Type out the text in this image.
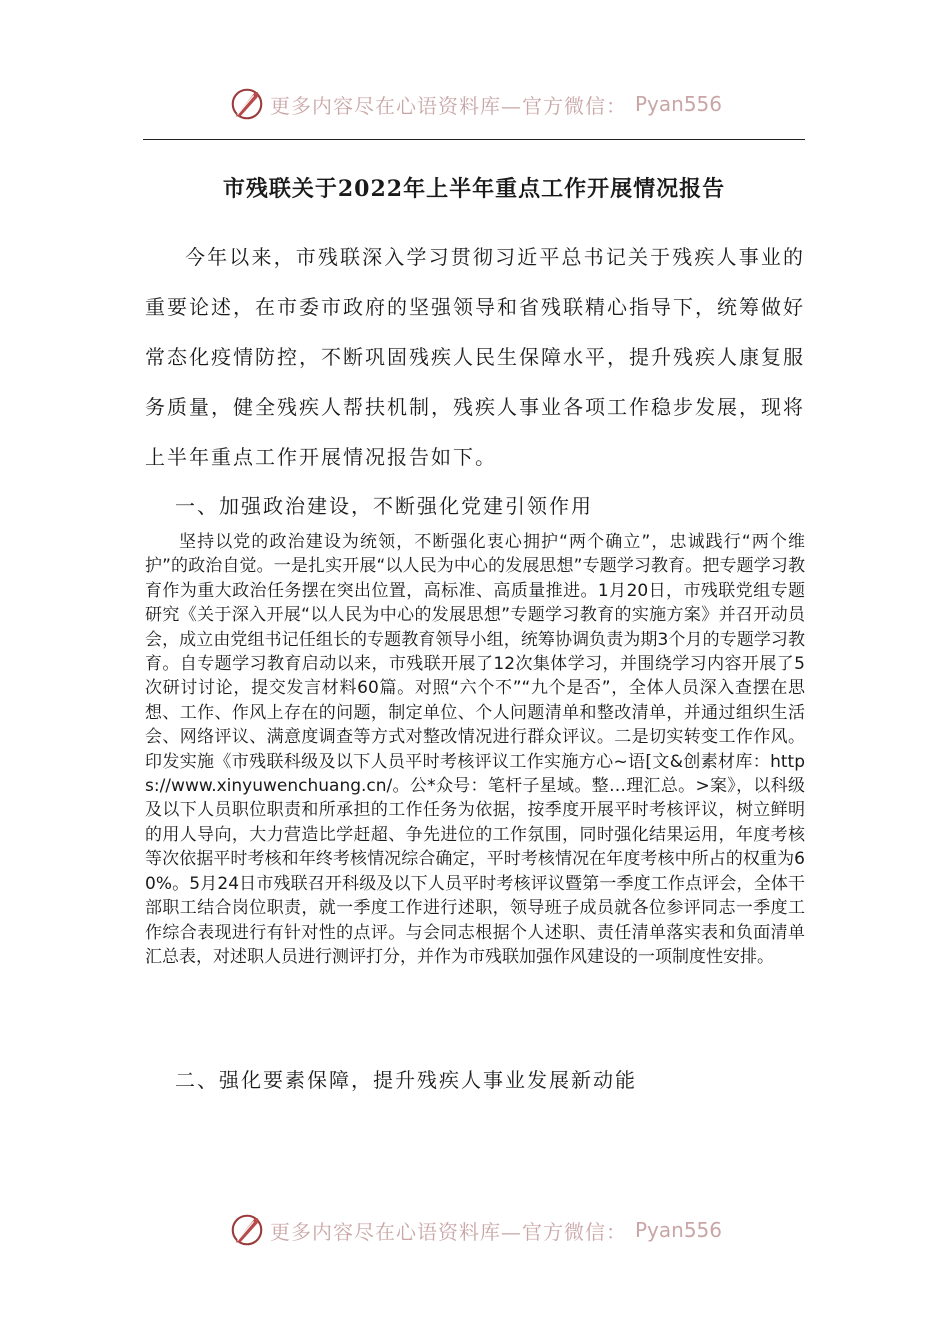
更多内容尽在心语资料库—官方微信： Pyan556
市残联关于2022年上半年重点工作开展情况报告

今年以来，市残联深入学习贯彻习近平总书记关于残疾人事业的重要论述，在市委市政府的坚强领导和省残联精心指导下，统筹做好常态化疫情防控，不断巩固残疾人民生保障水平，提升残疾人康复服务质量，健全残疾人帮扶机制，残疾人事业各项工作稳步发展，现将上半年重点工作开展情况报告如下。

一、加强政治建设，不断强化党建引领作用

坚持以党的政治建设为统领，不断强化衷心拥护“两个确立”，忠诚践行“两个维护”的政治自觉。一是扎实开展“以人民为中心的发展思想”专题学习教育。把专题学习教育作为重大政治任务摆在突出位置，高标准、高质量推进。1月20日，市残联党组专题研究《关于深入开展“以人民为中心的发展思想”专题学习教育的实施方案》并召开动员会，成立由党组书记任组长的专题教育领导小组，统筹协调负责为期3个月的专题学习教育。自专题学习教育启动以来，市残联开展了12次集体学习，并围绕学习内容开展了5次研讨讨论，提交发言材料60篇。对照“六个不”“九个是否”，全体人员深入查摆在思想、工作、作风上存在的问题，制定单位、个人问题清单和整改清单，并通过组织生活会、网络评议、满意度调查等方式对整改情况进行群众评议。二是切实转变工作作风。印发实施《市残联科级及以下人员平时考核评议工作实施方心~语[文&创素材库：https://www.xinyuwenchuang.cn/。公*众号：笔杆子星域。整…理汇总。>案》，以科级及以下人员职位职责和所承担的工作任务为依据，按季度开展平时考核评议，树立鲜明的用人导向，大力营造比学赶超、争先进位的工作氛围，同时强化结果运用，年度考核等次依据平时考核和年终考核情况综合确定，平时考核情况在年度考核中所占的权重为60%。5月24日市残联召开科级及以下人员平时考核评议暨第一季度工作点评会，全体干部职工结合岗位职责，就一季度工作进行述职，领导班子成员就各位参评同志一季度工作综合表现进行有针对性的点评。与会同志根据个人述职、责任清单落实表和负面清单汇总表，对述职人员进行测评打分，并作为市残联加强作风建设的一项制度性安排。

二、强化要素保障，提升残疾人事业发展新动能

更多内容尽在心语资料库—官方微信： Pyan556
